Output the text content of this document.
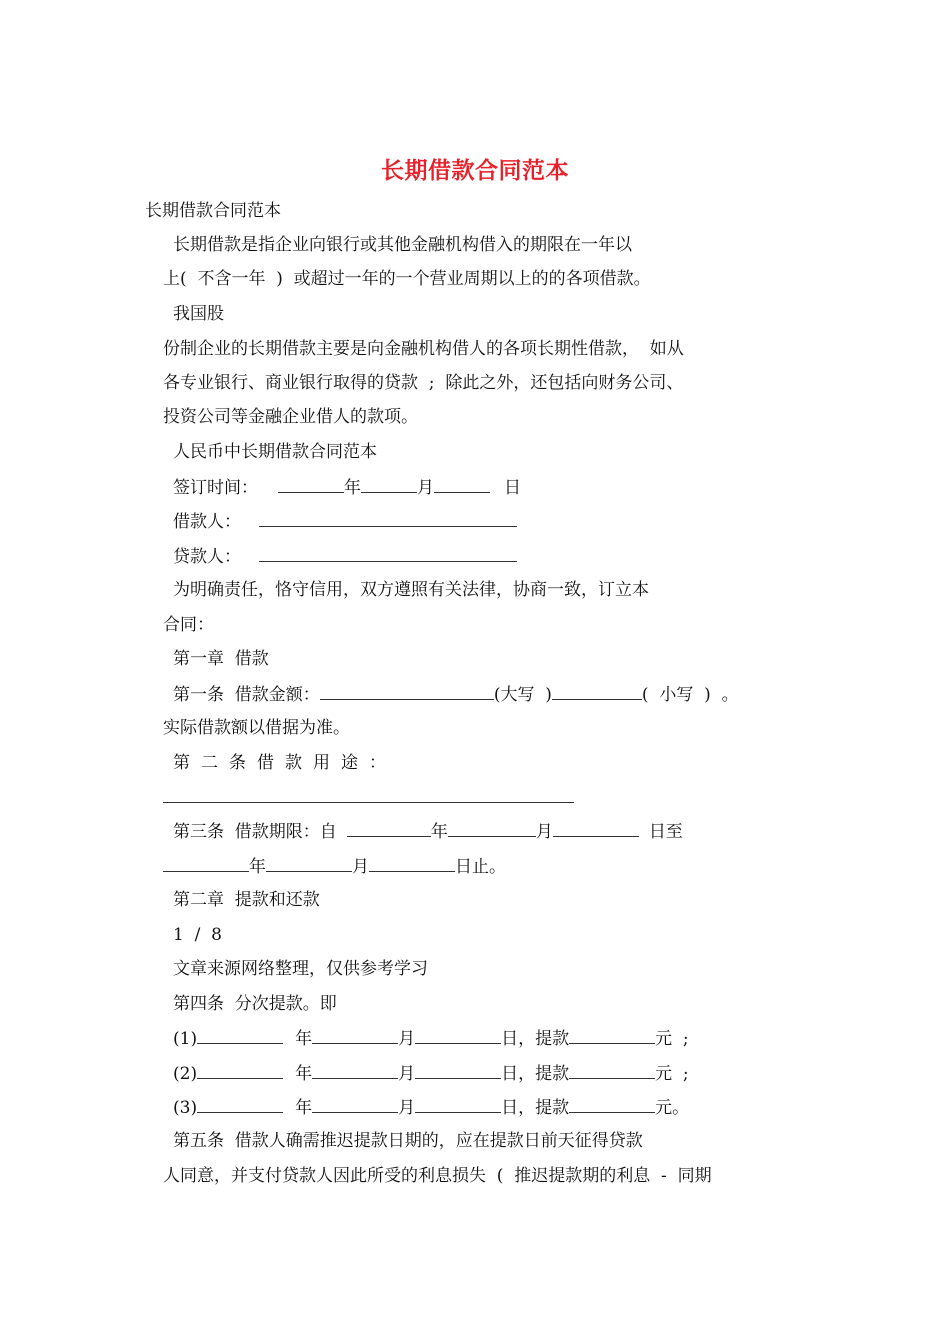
长期借款合同范本
长期借款合同范本
长期借款是指企业向银行或其他金融机构借入的期限在一年以
上(  不含一年  )  或超过一年的一个营业周期以上的的各项借款。
我国股
份制企业的长期借款主要是向金融机构借人的各项长期性借款，  如从
各专业银行、商业银行取得的贷款  ;  除此之外，还包括向财务公司、
投资公司等金融企业借人的款项。
人民币中长期借款合同范本
签订时间：	年	月	日
借款人：
贷款人：
为明确责任，恪守信用，双方遵照有关法律，协商一致，订立本
合同：
第一章  借款
第一条  借款金额：	(大写  )	(  小写  )  。
实际借款额以借据为准。
第二条借款用途：
第三条  借款期限：自	年	月	日至
年	月	日止。
第二章  提款和还款
1  /  8
文章来源网络整理，仅供参考学习
第四条  分次提款。即
(1)	年	月	日，提款	元  ;
(2)	年	月	日，提款	元  ;
(3)	年	月	日，提款	元。
第五条  借款人确需推迟提款日期的，应在提款日前天征得贷款
人同意，并支付贷款人因此所受的利息损失  (  推迟提款期的利息  -  同期
